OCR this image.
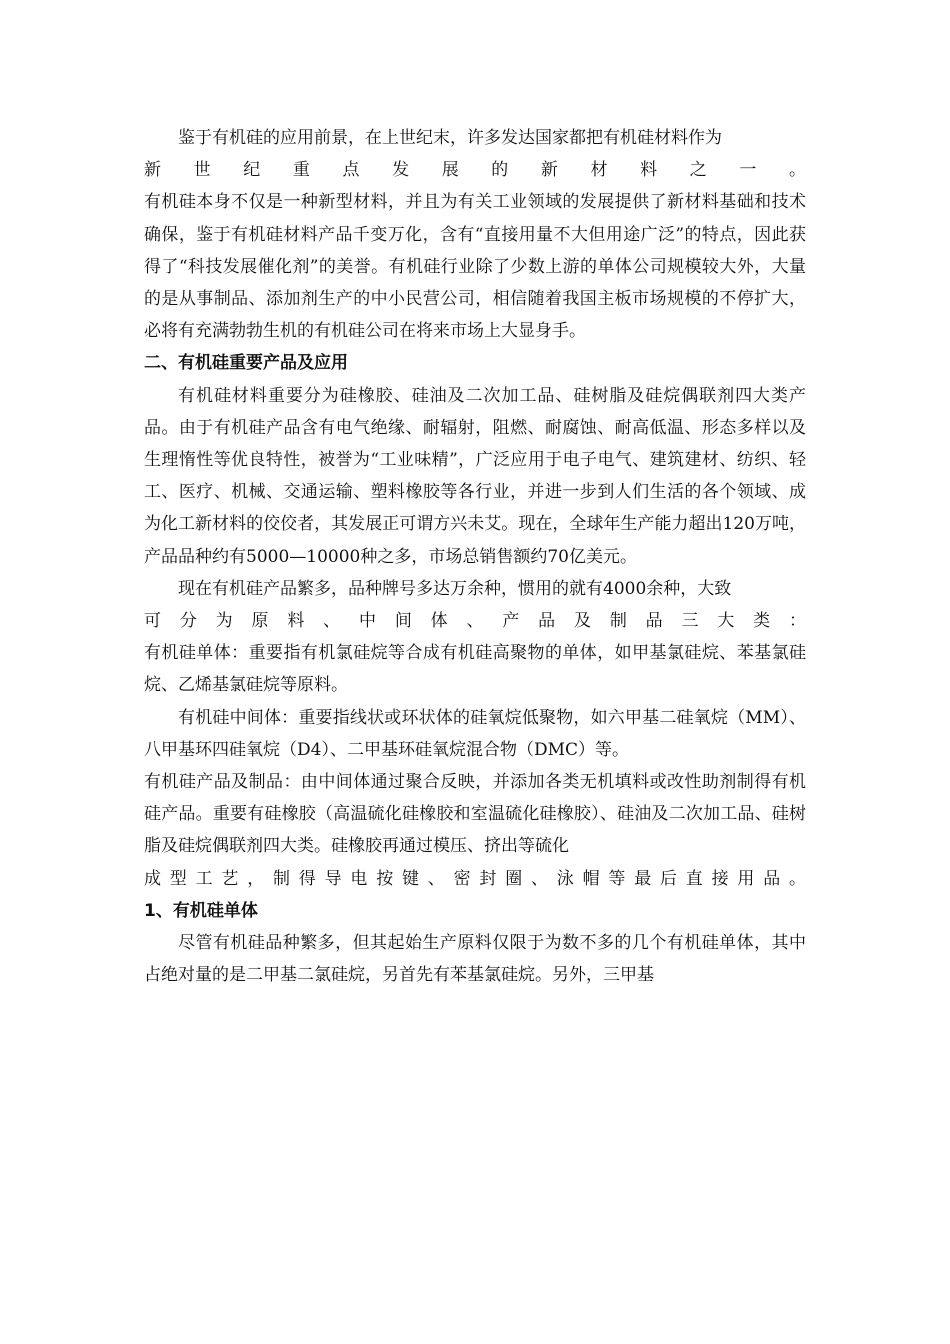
鉴于有机硅的应用前景，在上世纪末，许多发达国家都把有机硅材料作为
新世纪重点发展的新材料之一。
有机硅本身不仅是一种新型材料，并且为有关工业领域的发展提供了新材料基础和技术确保，鉴于有机硅材料产品千变万化，含有“直接用量不大但用途广泛”的特点，因此获得了“科技发展催化剂”的美誉。有机硅行业除了少数上游的单体公司规模较大外，大量的是从事制品、添加剂生产的中小民营公司，相信随着我国主板市场规模的不停扩大，必将有充满勃勃生机的有机硅公司在将来市场上大显身手。
二、有机硅重要产品及应用
有机硅材料重要分为硅橡胶、硅油及二次加工品、硅树脂及硅烷偶联剂四大类产品。由于有机硅产品含有电气绝缘、耐辐射，阻燃、耐腐蚀、耐高低温、形态多样以及生理惰性等优良特性，被誉为“工业味精”，广泛应用于电子电气、建筑建材、纺织、轻工、医疗、机械、交通运输、塑料橡胶等各行业，并进一步到人们生活的各个领域、成为化工新材料的佼佼者，其发展正可谓方兴未艾。现在，全球年生产能力超出120万吨，产品品种约有5000—10000种之多，市场总销售额约70亿美元。
现在有机硅产品繁多，品种牌号多达万余种，惯用的就有4000余种，大致
可分为原料、中间体、产品及制品三大类：
有机硅单体：重要指有机氯硅烷等合成有机硅高聚物的单体，如甲基氯硅烷、苯基氯硅烷、乙烯基氯硅烷等原料。
有机硅中间体：重要指线状或环状体的硅氧烷低聚物，如六甲基二硅氧烷（MM）、八甲基环四硅氧烷（D4）、二甲基环硅氧烷混合物（DMC）等。
有机硅产品及制品：由中间体通过聚合反映，并添加各类无机填料或改性助剂制得有机硅产品。重要有硅橡胶（高温硫化硅橡胶和室温硫化硅橡胶）、硅油及二次加工品、硅树脂及硅烷偶联剂四大类。硅橡胶再通过模压、挤出等硫化
成型工艺，制得导电按键、密封圈、泳帽等最后直接用品。
1、有机硅单体
尽管有机硅品种繁多，但其起始生产原料仅限于为数不多的几个有机硅单体，其中占绝对量的是二甲基二氯硅烷，另首先有苯基氯硅烷。另外，三甲基
